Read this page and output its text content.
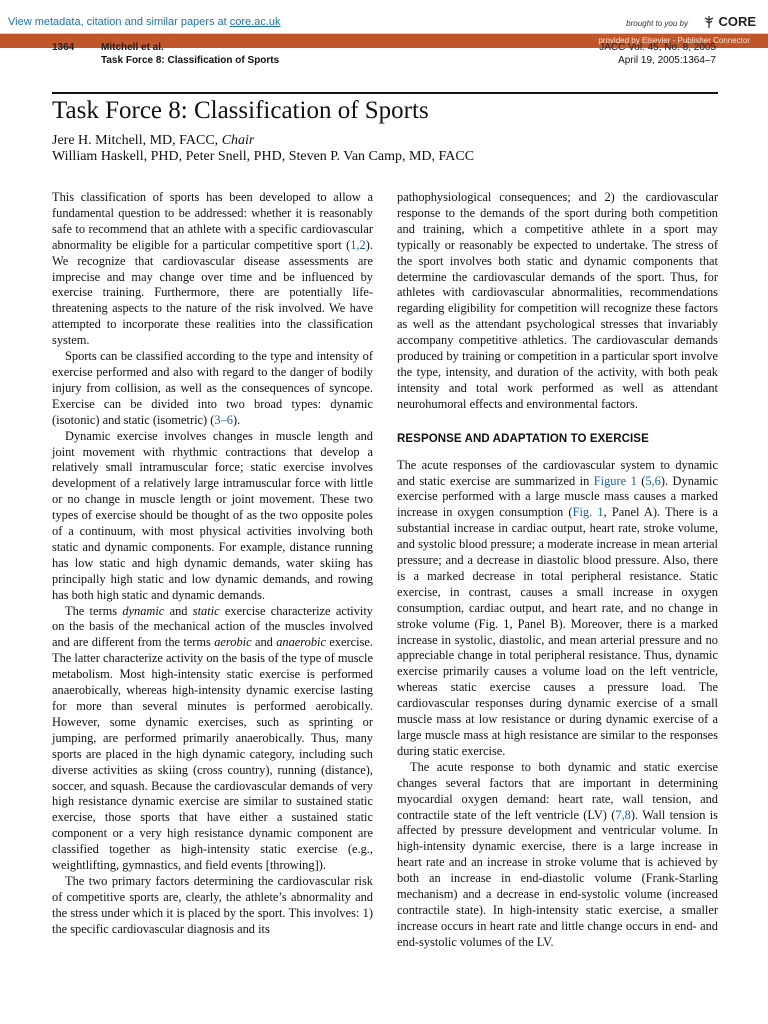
View metadata, citation and similar papers at core.ac.uk	brought to you by CORE
provided by Elsevier - Publisher Connector
1364	Mitchell et al.
Task Force 8: Classification of Sports
JACC Vol. 45, No. 8, 2005
April 19, 2005:1364–7
Task Force 8: Classification of Sports
Jere H. Mitchell, MD, FACC, Chair
William Haskell, PHD, Peter Snell, PHD, Steven P. Van Camp, MD, FACC

This classification of sports has been developed to allow a fundamental question to be addressed: whether it is reasonably safe to recommend that an athlete with a specific cardiovascular abnormality be eligible for a particular competitive sport (1,2). We recognize that cardiovascular disease assessments are imprecise and may change over time and be influenced by exercise training. Furthermore, there are potentially life-threatening aspects to the nature of the risk involved. We have attempted to incorporate these realities into the classification system.

Sports can be classified according to the type and intensity of exercise performed and also with regard to the danger of bodily injury from collision, as well as the consequences of syncope. Exercise can be divided into two broad types: dynamic (isotonic) and static (isometric) (3–6).

Dynamic exercise involves changes in muscle length and joint movement with rhythmic contractions that develop a relatively small intramuscular force; static exercise involves development of a relatively large intramuscular force with little or no change in muscle length or joint movement. These two types of exercise should be thought of as the two opposite poles of a continuum, with most physical activities involving both static and dynamic components. For example, distance running has low static and high dynamic demands, water skiing has principally high static and low dynamic demands, and rowing has both high static and dynamic demands.

The terms dynamic and static exercise characterize activity on the basis of the mechanical action of the muscles involved and are different from the terms aerobic and anaerobic exercise. The latter characterize activity on the basis of the type of muscle metabolism. Most high-intensity static exercise is performed anaerobically, whereas high-intensity dynamic exercise lasting for more than several minutes is performed aerobically. However, some dynamic exercises, such as sprinting or jumping, are performed primarily anaerobically. Thus, many sports are placed in the high dynamic category, including such diverse activities as skiing (cross country), running (distance), soccer, and squash. Because the cardiovascular demands of very high resistance dynamic exercise are similar to sustained static exercise, those sports that have either a sustained static component or a very high resistance dynamic component are classified together as high-intensity static exercise (e.g., weightlifting, gymnastics, and field events [throwing]).

The two primary factors determining the cardiovascular risk of competitive sports are, clearly, the athlete’s abnormality and the stress under which it is placed by the sport. This involves: 1) the specific cardiovascular diagnosis and its

pathophysiological consequences; and 2) the cardiovascular response to the demands of the sport during both competition and training, which a competitive athlete in a sport may typically or reasonably be expected to undertake. The stress of the sport involves both static and dynamic components that determine the cardiovascular demands of the sport. Thus, for athletes with cardiovascular abnormalities, recommendations regarding eligibility for competition will recognize these factors as well as the attendant psychological stresses that invariably accompany competitive athletics. The cardiovascular demands produced by training or competition in a particular sport involve the type, intensity, and duration of the activity, with both peak intensity and total work performed as well as attendant neurohumoral effects and environmental factors.

RESPONSE AND ADAPTATION TO EXERCISE

The acute responses of the cardiovascular system to dynamic and static exercise are summarized in Figure 1 (5,6). Dynamic exercise performed with a large muscle mass causes a marked increase in oxygen consumption (Fig. 1, Panel A). There is a substantial increase in cardiac output, heart rate, stroke volume, and systolic blood pressure; a moderate increase in mean arterial pressure; and a decrease in diastolic blood pressure. Also, there is a marked decrease in total peripheral resistance. Static exercise, in contrast, causes a small increase in oxygen consumption, cardiac output, and heart rate, and no change in stroke volume (Fig. 1, Panel B). Moreover, there is a marked increase in systolic, diastolic, and mean arterial pressure and no appreciable change in total peripheral resistance. Thus, dynamic exercise primarily causes a volume load on the left ventricle, whereas static exercise causes a pressure load. The cardiovascular responses during dynamic exercise of a small muscle mass at low resistance or during dynamic exercise of a large muscle mass at high resistance are similar to the responses during static exercise.

The acute response to both dynamic and static exercise changes several factors that are important in determining myocardial oxygen demand: heart rate, wall tension, and contractile state of the left ventricle (LV) (7,8). Wall tension is affected by pressure development and ventricular volume. In high-intensity dynamic exercise, there is a large increase in heart rate and an increase in stroke volume that is achieved by both an increase in end-diastolic volume (Frank-Starling mechanism) and a decrease in end-systolic volume (increased contractile state). In high-intensity static exercise, a smaller increase occurs in heart rate and little change occurs in end- and end-systolic volumes of the LV.
